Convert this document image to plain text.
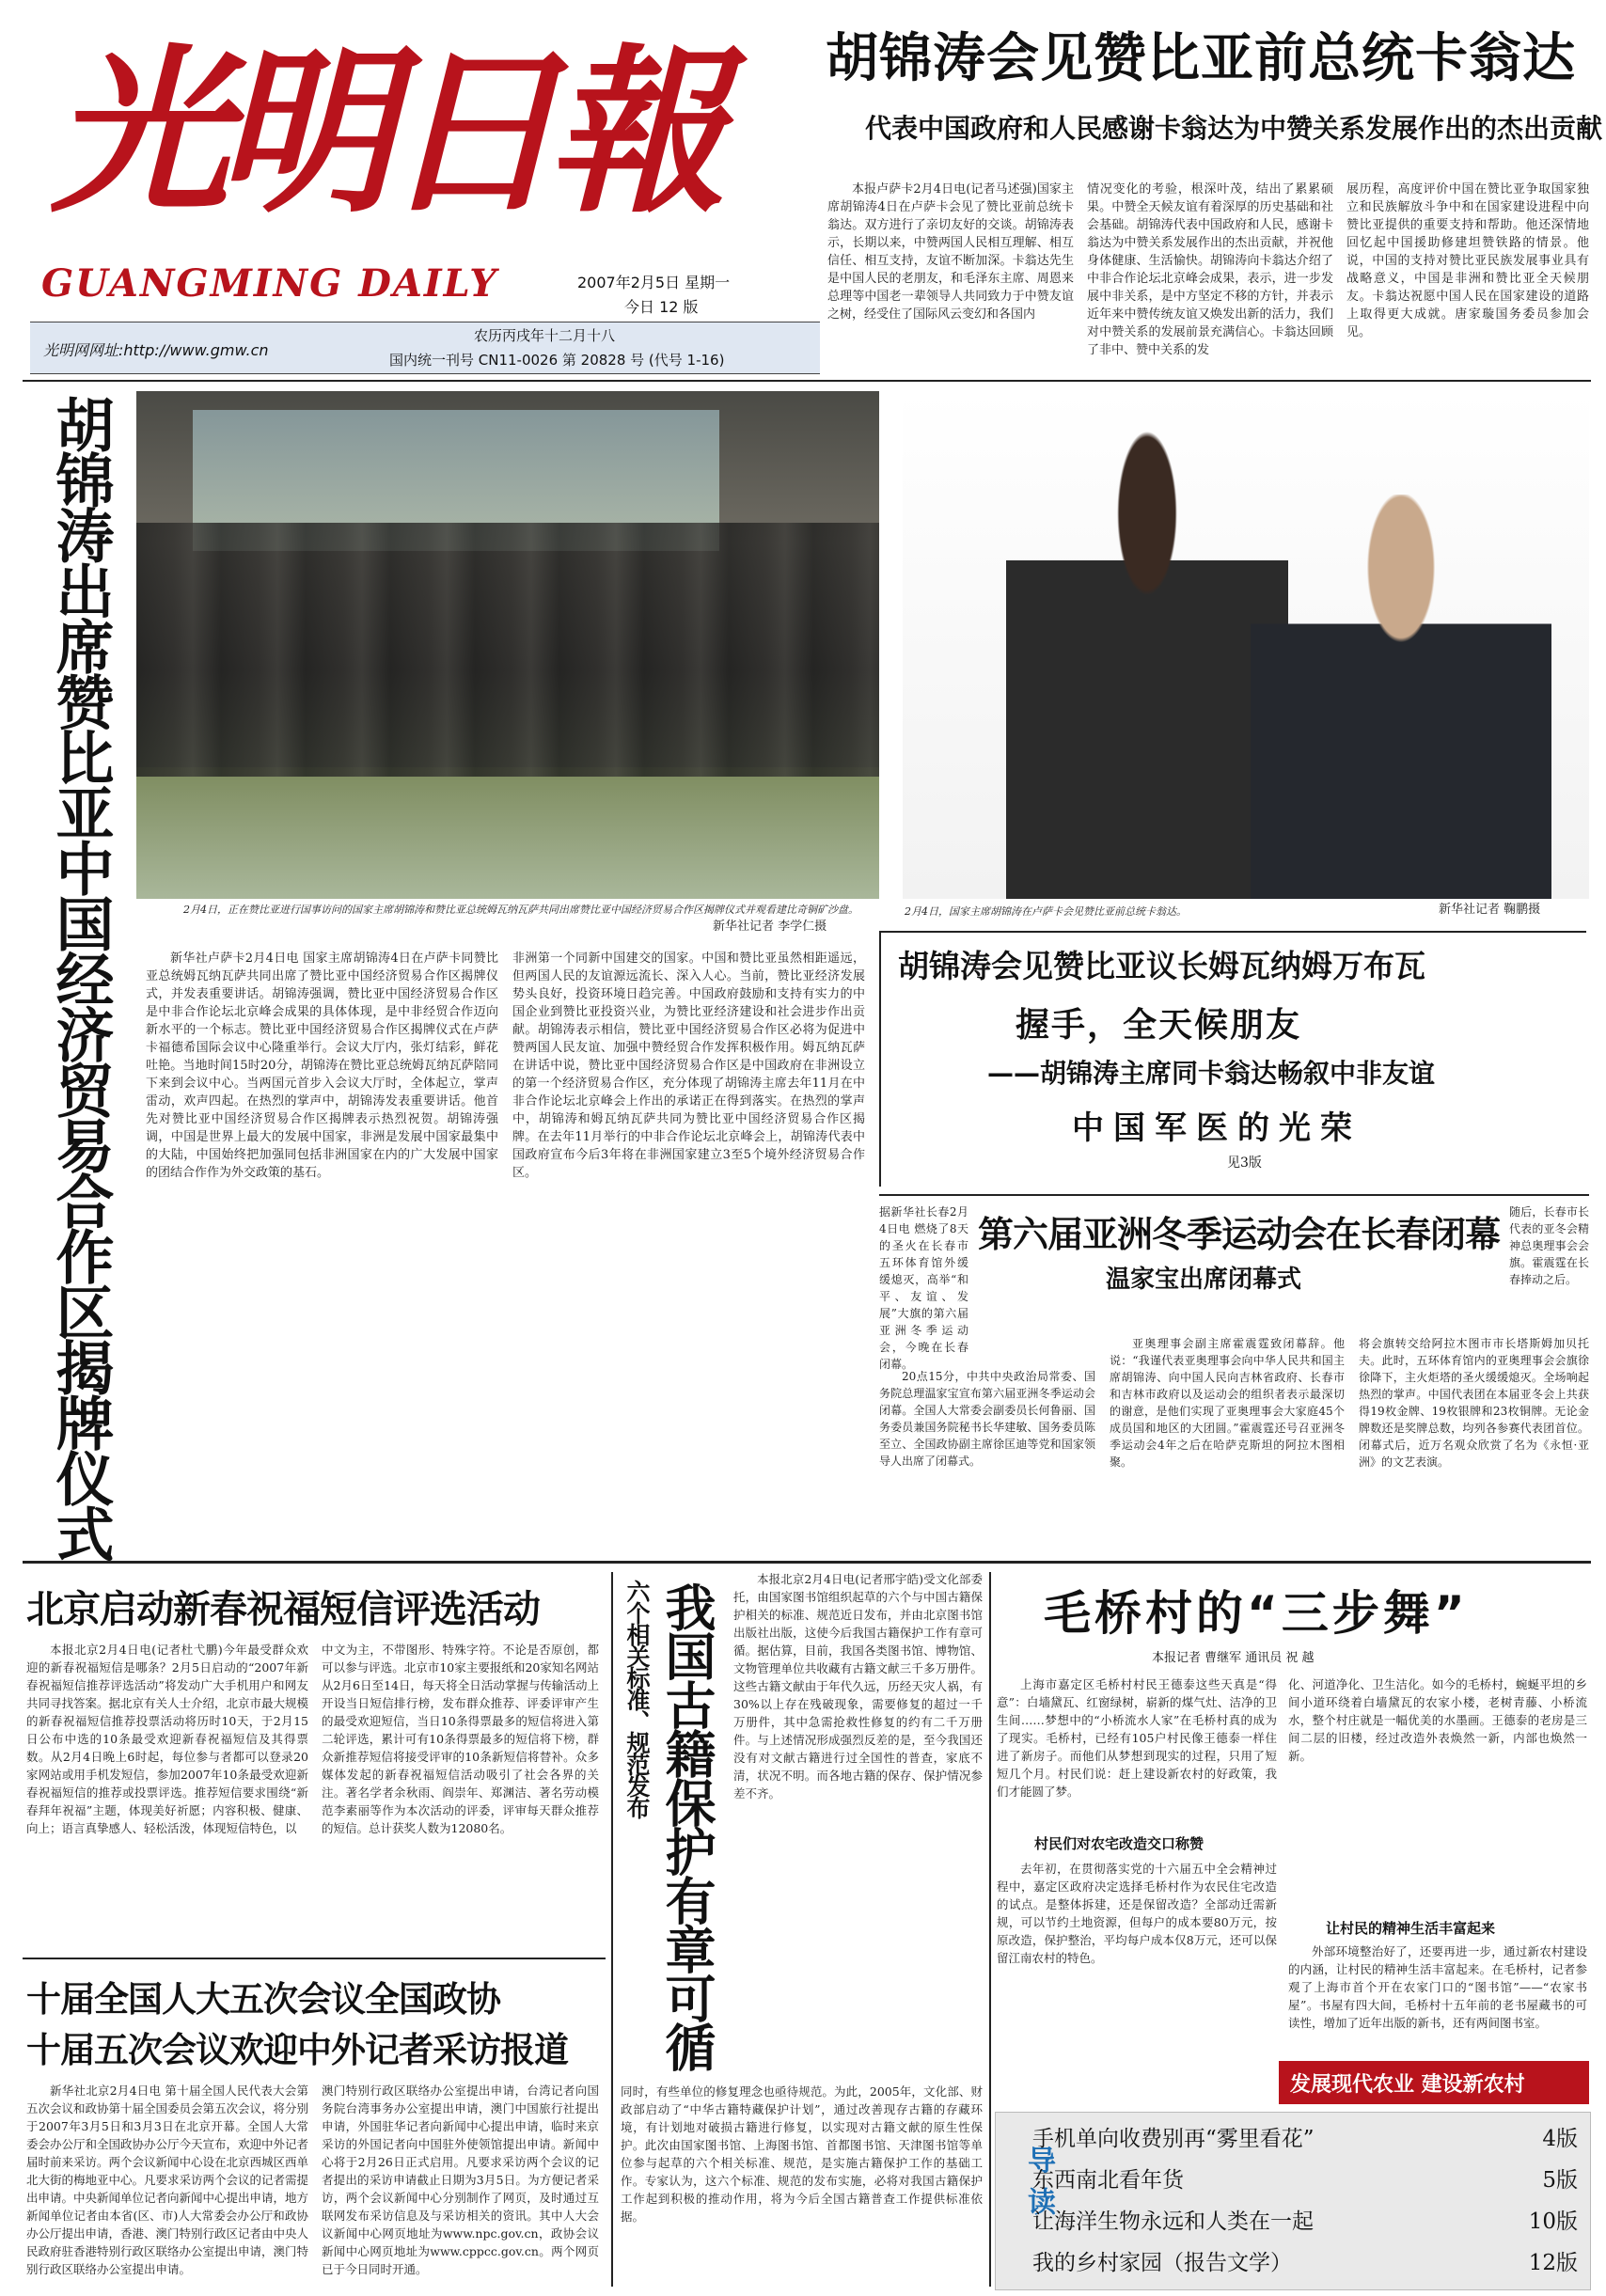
光明日報
GUANGMING DAILY	2007年2月5日 星期一
今日 12 版
光明网网址:http://www.gmw.cn
农历丙戌年十二月十八
国内统一刊号 CN11-0026 第 20828 号 (代号 1-16)
胡锦涛会见赞比亚前总统卡翁达
代表中国政府和人民感谢卡翁达为中赞关系发展作出的杰出贡献

本报卢萨卡2月4日电(记者马述强)国家主席胡锦涛4日在卢萨卡会见了赞比亚前总统卡翁达。双方进行了亲切友好的交谈。胡锦涛表示，长期以来，中赞两国人民相互理解、相互信任、相互支持，友谊不断加深。卡翁达先生是中国人民的老朋友，和毛泽东主席、周恩来总理等中国老一辈领导人共同致力于中赞友谊之树，经受住了国际风云变幻和各国内

情况变化的考验，根深叶茂，结出了累累硕果。中赞全天候友谊有着深厚的历史基础和社会基础。胡锦涛代表中国政府和人民，感谢卡翁达为中赞关系发展作出的杰出贡献，并祝他身体健康、生活愉快。胡锦涛向卡翁达介绍了中非合作论坛北京峰会成果，表示，进一步发展中非关系，是中方坚定不移的方针，并表示近年来中赞传统友谊又焕发出新的活力，我们对中赞关系的发展前景充满信心。卡翁达回顾了非中、赞中关系的发

展历程，高度评价中国在赞比亚争取国家独立和民族解放斗争中和在国家建设进程中向赞比亚提供的重要支持和帮助。他还深情地回忆起中国援助修建坦赞铁路的情景。他说，中国的支持对赞比亚民族发展事业具有战略意义，中国是非洲和赞比亚全天候朋友。卡翁达祝愿中国人民在国家建设的道路上取得更大成就。唐家璇国务委员参加会见。

胡锦涛出席赞比亚中国经济贸易合作区揭牌仪式	2月4日，正在赞比亚进行国事访问的国家主席胡锦涛和赞比亚总统姆瓦纳瓦萨共同出席赞比亚中国经济贸易合作区揭牌仪式并观看建比奇铜矿沙盘。
新华社记者 李学仁摄
2月4日，国家主席胡锦涛在卢萨卡会见赞比亚前总统卡翁达。	新华社记者 鞠鹏摄

新华社卢萨卡2月4日电 国家主席胡锦涛4日在卢萨卡同赞比亚总统姆瓦纳瓦萨共同出席了赞比亚中国经济贸易合作区揭牌仪式，并发表重要讲话。胡锦涛强调，赞比亚中国经济贸易合作区是中非合作论坛北京峰会成果的具体体现，是中非经贸合作迈向新水平的一个标志。赞比亚中国经济贸易合作区揭牌仪式在卢萨卡福德希国际会议中心隆重举行。会议大厅内，张灯结彩，鲜花吐艳。当地时间15时20分，胡锦涛在赞比亚总统姆瓦纳瓦萨陪同下来到会议中心。当两国元首步入会议大厅时，全体起立，掌声雷动，欢声四起。在热烈的掌声中，胡锦涛发表重要讲话。他首先对赞比亚中国经济贸易合作区揭牌表示热烈祝贺。胡锦涛强调，中国是世界上最大的发展中国家，非洲是发展中国家最集中的大陆，中国始终把加强同包括非洲国家在内的广大发展中国家的团结合作作为外交政策的基石。

非洲第一个同新中国建交的国家。中国和赞比亚虽然相距遥远，但两国人民的友谊源远流长、深入人心。当前，赞比亚经济发展势头良好，投资环境日趋完善。中国政府鼓励和支持有实力的中国企业到赞比亚投资兴业，为赞比亚经济建设和社会进步作出贡献。胡锦涛表示相信，赞比亚中国经济贸易合作区必将为促进中赞两国人民友谊、加强中赞经贸合作发挥积极作用。姆瓦纳瓦萨在讲话中说，赞比亚中国经济贸易合作区是中国政府在非洲设立的第一个经济贸易合作区，充分体现了胡锦涛主席去年11月在中非合作论坛北京峰会上作出的承诺正在得到落实。在热烈的掌声中，胡锦涛和姆瓦纳瓦萨共同为赞比亚中国经济贸易合作区揭牌。在去年11月举行的中非合作论坛北京峰会上，胡锦涛代表中国政府宣布今后3年将在非洲国家建立3至5个境外经济贸易合作区。

胡锦涛会见赞比亚议长姆瓦纳姆万布瓦
握手，全天候朋友
——胡锦涛主席同卡翁达畅叙中非友谊
中国军医的光荣
见3版

据新华社长春2月4日电 燃烧了8天的圣火在长春市五环体育馆外缓缓熄灭，高举“和平、友谊、发展”大旗的第六届亚洲冬季运动会，今晚在长春闭幕。

第六届亚洲冬季运动会在长春闭幕
温家宝出席闭幕式

随后，长春市长代表的亚冬会精神总奥理事会会旗。霍震霆在长春捧动之后。

20点15分，中共中央政治局常委、国务院总理温家宝宣布第六届亚洲冬季运动会闭幕。全国人大常委会副委员长何鲁丽、国务委员兼国务院秘书长华建敏、国务委员陈至立、全国政协副主席徐匡迪等党和国家领导人出席了闭幕式。

亚奥理事会副主席霍震霆致闭幕辞。他说：“我谨代表亚奥理事会向中华人民共和国主席胡锦涛、向中国人民向吉林省政府、长春市和吉林市政府以及运动会的组织者表示最深切的谢意，是他们实现了亚奥理事会大家庭45个成员国和地区的大团圆。”霍震霆还号召亚洲冬季运动会4年之后在哈萨克斯坦的阿拉木图相聚。

将会旗转交给阿拉木图市市长塔斯姆加贝托夫。此时，五环体育馆内的亚奥理事会会旗徐徐降下，主火炬塔的圣火缓缓熄灭。全场响起热烈的掌声。中国代表团在本届亚冬会上共获得19枚金牌、19枚银牌和23枚铜牌。无论金牌数还是奖牌总数，均列各参赛代表团首位。闭幕式后，近万名观众欣赏了名为《永恒·亚洲》的文艺表演。

北京启动新春祝福短信评选活动

本报北京2月4日电(记者杜弋鹏)今年最受群众欢迎的新春祝福短信是哪条？2月5日启动的“2007年新春祝福短信推荐评选活动”将发动广大手机用户和网友共同寻找答案。据北京有关人士介绍，北京市最大规模的新春祝福短信推荐投票活动将历时10天，于2月15日公布中选的10条最受欢迎新春祝福短信及其得票数。从2月4日晚上6时起，每位参与者都可以登录20家网站或用手机发短信，参加2007年10条最受欢迎新春祝福短信的推荐或投票评选。推荐短信要求围绕“新春拜年祝福”主题，体现美好祈愿；内容积极、健康、向上；语言真挚感人、轻松活泼，体现短信特色，以

中文为主，不带图形、特殊字符。不论是否原创，都可以参与评选。北京市10家主要报纸和20家知名网站从2月6日至14日，每天将全日活动掌握与传输活动上开设当日短信排行榜，发布群众推荐、评委评审产生的最受欢迎短信，当日10条得票最多的短信将进入第二轮评选，累计可有10条得票最多的短信将下榜，群众新推荐短信将接受评审的10条新短信将替补。众多媒体发起的新春祝福短信活动吸引了社会各界的关注。著名学者余秋雨、阎崇年、郑渊洁、著名劳动模范李素丽等作为本次活动的评委，评审每天群众推荐的短信。总计获奖人数为12080名。

十届全国人大五次会议全国政协
十届五次会议欢迎中外记者采访报道

新华社北京2月4日电 第十届全国人民代表大会第五次会议和政协第十届全国委员会第五次会议，将分别于2007年3月5日和3月3日在北京开幕。全国人大常委会办公厅和全国政协办公厅今天宣布，欢迎中外记者届时前来采访。两个会议新闻中心设在北京西城区西单北大街的梅地亚中心。凡要求采访两个会议的记者需提出申请。中央新闻单位记者向新闻中心提出申请，地方新闻单位记者由本省(区、市)人大常委会办公厅和政协办公厅提出申请，香港、澳门特别行政区记者由中央人民政府驻香港特别行政区联络办公室提出申请，澳门特别行政区联络办公室提出申请。

澳门特别行政区联络办公室提出申请，台湾记者向国务院台湾事务办公室提出申请，澳门中国旅行社提出申请，外国驻华记者向新闻中心提出申请，临时来京采访的外国记者向中国驻外使领馆提出申请。新闻中心将于2月26日正式启用。凡要求采访两个会议的记者提出的采访申请截止日期为3月5日。为方便记者采访，两个会议新闻中心分别制作了网页，及时通过互联网发布采访信息及与采访相关的资讯。其中人大会议新闻中心网页地址为www.npc.gov.cn，政协会议新闻中心网页地址为www.cppcc.gov.cn。两个网页已于今日同时开通。

我国古籍保护有章可循
六个相关标准、规范发布

本报北京2月4日电(记者邢宇皓)受文化部委托，由国家图书馆组织起草的六个与中国古籍保护相关的标准、规范近日发布，并由北京图书馆出版社出版，这使今后我国古籍保护工作有章可循。据估算，目前，我国各类图书馆、博物馆、文物管理单位共收藏有古籍文献三千多万册件。这些古籍文献由于年代久远，历经天灾人祸，有30%以上存在残破现象，需要修复的超过一千万册件，其中急需抢救性修复的约有二千万册件。与上述情况形成强烈反差的是，至今我国还没有对文献古籍进行过全国性的普查，家底不清，状况不明。而各地古籍的保存、保护情况参差不齐。

同时，有些单位的修复理念也亟待规范。为此，2005年，文化部、财政部启动了“中华古籍特藏保护计划”，通过改善现存古籍的存藏环境，有计划地对破损古籍进行修复，以实现对古籍文献的原生性保护。此次由国家图书馆、上海图书馆、首都图书馆、天津图书馆等单位参与起草的六个相关标准、规范，是实施古籍保护工作的基础工作。专家认为，这六个标准、规范的发布实施，必将对我国古籍保护工作起到积极的推动作用，将为今后全国古籍普查工作提供标准依据。

毛桥村的“三步舞”
本报记者 曹继军 通讯员 祝 越

上海市嘉定区毛桥村村民王德泰这些天真是“得意”：白墙黛瓦、红窗绿树，崭新的煤气灶、洁净的卫生间……梦想中的“小桥流水人家”在毛桥村真的成为了现实。毛桥村，已经有105户村民像王德泰一样住进了新房子。而他们从梦想到现实的过程，只用了短短几个月。村民们说：赶上建设新农村的好政策，我们才能圆了梦。

村民们对农宅改造交口称赞

去年初，在贯彻落实党的十六届五中全会精神过程中，嘉定区政府决定选择毛桥村作为农民住宅改造的试点。是整体拆建，还是保留改造？全部动迁需新规，可以节约土地资源，但每户的成本要80万元，按原改造，保护整治，平均每户成本仅8万元，还可以保留江南农村的特色。

化、河道净化、卫生洁化。如今的毛桥村，蜿蜒平坦的乡间小道环绕着白墙黛瓦的农家小楼，老树青藤、小桥流水，整个村庄就是一幅优美的水墨画。王德泰的老房是三间二层的旧楼，经过改造外表焕然一新，内部也焕然一新。

让村民的精神生活丰富起来

外部环境整治好了，还要再进一步，通过新农村建设的内涵，让村民的精神生活丰富起来。在毛桥村，记者参观了上海市首个开在农家门口的“图书馆”——“农家书屋”。书屋有四大间，毛桥村十五年前的老书屋藏书的可读性，增加了近年出版的新书，还有两间图书室。

发展现代农业 建设新农村
导读
手机单向收费别再“雾里看花”	4版
东西南北看年货	5版
让海洋生物永远和人类在一起	10版
我的乡村家园（报告文学）	12版
